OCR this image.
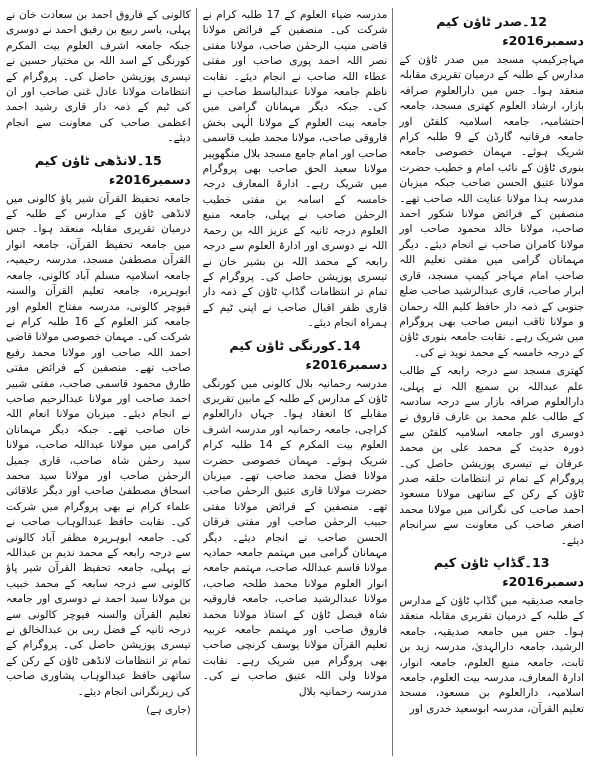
12۔صدر ٹاؤن کیم دسمبر2016ء

مہاجرکیمپ مسجد میں صدر ٹاؤن کے مدارس کے طلبہ کے درمیان تقریری مقابلہ منعقد ہوا۔ جس میں دارالعلوم صرافہ بازار، ارشاد العلوم کھتری مسجد، جامعہ احتشامیہ، جامعہ اسلامیہ کلفٹن اور جامعہ فرقانیہ گارڈن کے 9 طلبہ کرام شریک ہوئے۔ مہمان خصوصی جامعہ بنوری ٹاؤن کے نائب امام و خطیب حضرت مولانا عتیق الحسن صاحب جبکہ میزبان مدرسہ ہذا مولانا عنایت اللہ صاحب تھے۔ منصفین کے فرائض مولانا شکور احمد صاحب، مولانا خالد محمود صاحب اور مولانا کامران صاحب نے انجام دیئے۔ دیگر مہمانان گرامی میں مفتی تعلیم اللہ صاحب امام مہاجر کیمپ مسجد، قاری ابرار صاحب، قاری عبدالرشید صاحب ضلع جنوبی کے ذمہ دار حافظ کلیم اللہ رحمان و مولانا ثاقب انیس صاحب بھی پروگرام میں شریک رہے۔ نقابت جامعہ بنوری ٹاؤن کے درجہ خامسہ کے محمد نوید نے کی۔

کھتری مسجد سے درجہ رابعہ کے طالب علم عبداللہ بن سمیع اللہ نے پہلی، دارالعلوم صرافہ بازار سے درجہ سادسہ کے طالب علم محمد بن عارف قاروق نے دوسری اور جامعہ اسلامیہ کلفٹن سے دورہ حدیث کے محمد علی بن محمد عرفان نے تیسری پوزیشن حاصل کی۔ پروگرام کے تمام تر انتظامات حلقہ صدر ٹاؤن کے رکن کے ساتھی مولانا مسعود احمد صاحب کی نگرانی میں مولانا محمد اصغر صاحب کی معاونت سے سرانجام دیئے۔

13۔گڈاپ ٹاؤن کیم دسمبر2016ء

جامعہ صدیقیہ میں گڈاپ ٹاؤن کے مدارس کے طلبہ کے درمیان تقریری مقابلہ منعقد ہوا۔ جس میں جامعہ صدیقیہ، جامعہ الرشید، جامعہ دارالہدیٰ، مدرسہ زید بن ثابت، جامعہ منبع العلوم، جامعہ انوار، ادارۃ المعارف، مدرسہ بیت العلوم، جامعہ اسلامیہ، دارالعلوم بن مسعود، مسجد تعلیم القرآن، مدرسہ ابوسعید خدری اور

مدرسہ ضیاء العلوم کے 17 طلبہ کرام نے شرکت کی۔ منصفین کے فرائض مولانا قاضی منیب الرحمٰن صاحب، مولانا مفتی نصر اللہ احمد پوری صاحب اور مفتی عطاء اللہ صاحب نے انجام دیئے۔ نقابت ناظم جامعہ مولانا عبدالباسط صاحب نے کی۔ جبکہ دیگر مہمانان گرامی میں جامعہ بیت العلوم کے مولانا الٰہی بخش فاروقی صاحب، مولانا محمد طیب قاسمی صاحب اور امام جامع مسجد بلال منگھوپیر مولانا سعید الحق صاحب بھی پروگرام میں شریک رہے۔ ادارۃ المعارف درجہ خامسہ کے اسامہ بن مفتی خطیب الرحمٰن صاحب نے پہلی، جامعہ منبع العلوم درجہ ثانیہ کے عزیز اللہ بن رحمۃ اللہ نے دوسری اور ادارۃ العلوم سے درجہ رابعہ کے محمد اللہ بن بشیر خان نے تیسری پوزیشن حاصل کی۔ پروگرام کے تمام تر انتظامات گڈاپ ٹاؤن کے ذمہ دار قاری ظفر اقبال صاحب نے اپنی ٹیم کے ہمراہ انجام دیئے۔

14۔کورنگی ٹاؤن کیم دسمبر2016ء

مدرسہ رحمانیہ بلال کالونی میں کورنگی ٹاؤن کے مدارس کے طلبہ کے مابین تقریری مقابلے کا انعقاد ہوا۔ جہاں دارالعلوم کراچی، جامعہ رحمانیہ اور مدرسہ اشرف العلوم بیت المکرم کے 14 طلبہ کرام شریک ہوئے۔ مہمان خصوصی حضرت مولانا فضل محمد صاحب تھے۔ میزبان حضرت مولانا قاری عتیق الرحمٰن صاحب تھے۔ منصفین کے فرائض مولانا مفتی حبیب الرحمٰن صاحب اور مفتی فرقان الحسن صاحب نے انجام دیئے۔ دیگر مہمانان گرامی میں مہتمم جامعہ حمادیہ مولانا قاسم عبداللہ صاحب، مہتمم جامعہ انوار العلوم مولانا محمد طلحہ صاحب، مولانا عبدالرشید صاحب، جامعہ فاروقیہ شاہ فیصل ٹاؤن کے استاذ مولانا محمد فاروق صاحب اور مہتمم جامعہ عربیہ تعلیم القرآن مولانا یوسف کرنچی صاحب بھی پروگرام میں شریک رہے۔ نقابت مولانا ولی اللہ عتیق صاحب نے کی۔ مدرسہ رحمانیہ بلال

کالونی کے فاروق احمد بن سعادت خان نے پہلی، یاسر ربیع بن رفیق احمد نے دوسری جبکہ جامعہ اشرف العلوم بیت المکرم کورنگی کے اسد اللہ بن مختیار حسین نے تیسری پوزیشن حاصل کی۔ پروگرام کے انتظامات مولانا عادل غنی صاحب اور ان کی ٹیم کے ذمہ دار قاری رشید احمد اعظمی صاحب کی معاونت سے انجام دیئے۔

15۔لانڈھی ٹاؤن کیم دسمبر2016ء

جامعہ تحفیظ القرآن شیر پاؤ کالونی میں لانڈھی ٹاؤن کے مدارس کے طلبہ کے درمیان تقریری مقابلہ منعقد ہوا۔ جس میں جامعہ تحفیظ القرآن، جامعہ انوار القرآن مصطفیٰ مسجد، مدرسہ رحیمیہ، جامعہ اسلامیہ مسلم آباد کالونی، جامعہ ابوہریرہ، جامعہ تعلیم القرآن والسنہ فیوچر کالونی، مدرسہ مفتاح العلوم اور جامعہ کنز العلوم کے 16 طلبہ کرام نے شرکت کی۔ مہمان خصوصی مولانا قاضی احمد اللہ صاحب اور مولانا محمد رفیع صاحب تھے۔ منصفین کے فرائض مفتی طارق محمود قاسمی صاحب، مفتی شبیر احمد صاحب اور مولانا عبدالرحیم صاحب نے انجام دیئے۔ میزبان مولانا انعام اللہ خان صاحب تھے۔ جبکہ دیگر مہمانان گرامی میں مولانا عبداللہ صاحب، مولانا سید رحمٰن شاہ صاحب، قاری جمیل الرحمٰن صاحب اور مولانا سید محمد اسحاق مصطفیٰ صاحب اور دیگر علاقائی علماء کرام نے بھی پروگرام میں شرکت کی۔ نقابت حافظ عبدالوہاب صاحب نے کی۔ جامعہ ابوہریرہ مظفر آباد کالونی سے درجہ رابعہ کے محمد ندیم بن عبداللہ نے پہلی، جامعہ تحفیظ القرآن شیر پاؤ کالونی سے درجہ سابعہ کے محمد خبیب بن مولانا سید احمد نے دوسری اور جامعہ تعلیم القرآن والسنہ فیوچر کالونی سے درجہ ثانیہ کے فضل ربی بن عبدالخالق نے تیسری پوزیشن حاصل کی۔ پروگرام کے تمام تر انتظامات لانڈھی ٹاؤن کے رکن کے ساتھی حافظ عبدالوہاب پشاوری صاحب کی زیرنگرانی انجام دیئے۔

(جاری ہے)
